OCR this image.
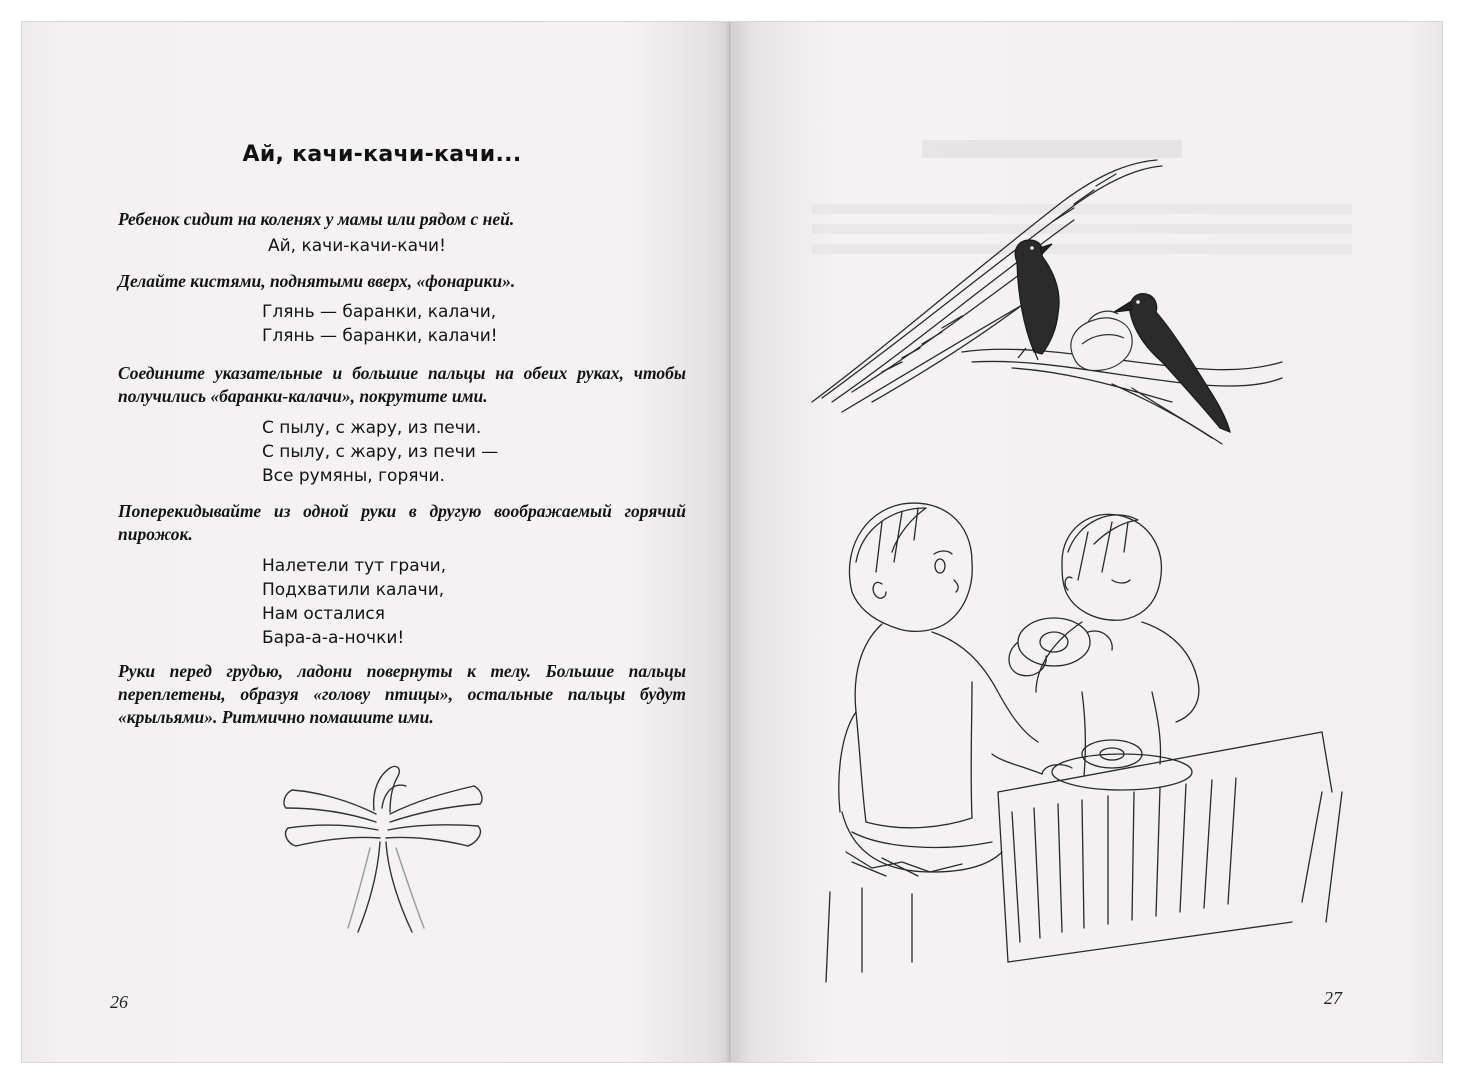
Ай, качи-качи-качи...
Ребенок сидит на коленях у мамы или рядом с ней.
Ай, качи-качи-качи!
Делайте кистями, поднятыми вверх, «фонарики».
Глянь — баранки, калачи,
Глянь — баранки, калачи!
Соедините указательные и большие пальцы на обеих руках, чтобы получились «баранки-калачи», покрутите ими.
С пылу, с жару, из печи.
С пылу, с жару, из печи —
Все румяны, горячи.
Поперекидывайте из одной руки в другую воображаемый горячий пирожок.
Налетели тут грачи,
Подхватили калачи,
Нам осталися
Бара-а-а-ночки!
Руки перед грудью, ладони повернуты к телу. Большие пальцы переплетены, образуя «голову птицы», остальные пальцы будут «крыльями». Ритмично помашите ими.
26	27
